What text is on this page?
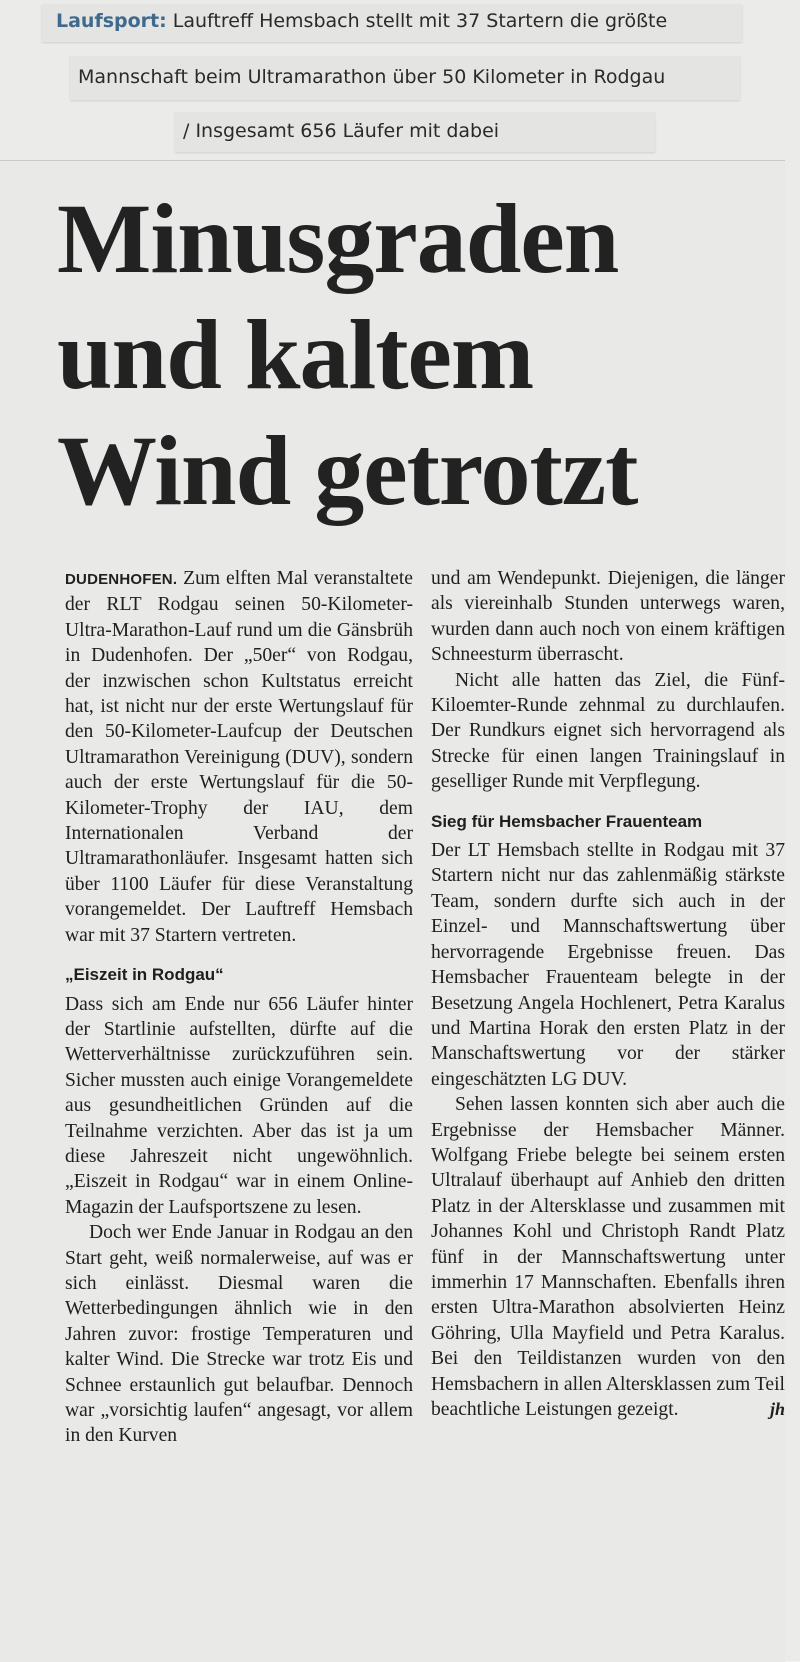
Laufsport: Lauftreff Hemsbach stellt mit 37 Startern die größte
Mannschaft beim Ultramarathon über 50 Kilometer in Rodgau
/ Insgesamt 656 Läufer mit dabei
Minusgraden
und kaltem
Wind getrotzt

DUDENHOFEN. Zum elften Mal veranstaltete der RLT Rodgau seinen 50-Kilometer-Ultra-Marathon-Lauf rund um die Gänsbrüh in Dudenhofen. Der „50er“ von Rodgau, der inzwischen schon Kultstatus erreicht hat, ist nicht nur der erste Wertungslauf für den 50-Kilometer-Laufcup der Deutschen Ultramarathon Vereinigung (DUV), sondern auch der erste Wertungslauf für die 50-Kilometer-Trophy der IAU, dem Internationalen Verband der Ultramarathonläufer. Insgesamt hatten sich über 1100 Läufer für diese Veranstaltung vorangemeldet. Der Lauftreff Hemsbach war mit 37 Startern vertreten.

„Eiszeit in Rodgau“

Dass sich am Ende nur 656 Läufer hinter der Startlinie aufstellten, dürfte auf die Wetterverhältnisse zurückzuführen sein. Sicher mussten auch einige Vorangemeldete aus gesundheitlichen Gründen auf die Teilnahme verzichten. Aber das ist ja um diese Jahreszeit nicht ungewöhnlich. „Eiszeit in Rodgau“ war in einem Online-Magazin der Laufsportszene zu lesen.

Doch wer Ende Januar in Rodgau an den Start geht, weiß normalerweise, auf was er sich einlässt. Diesmal waren die Wetterbedingungen ähnlich wie in den Jahren zuvor: frostige Temperaturen und kalter Wind. Die Strecke war trotz Eis und Schnee erstaunlich gut belaufbar. Dennoch war „vorsichtig laufen“ angesagt, vor allem in den Kurven

und am Wendepunkt. Diejenigen, die länger als viereinhalb Stunden unterwegs waren, wurden dann auch noch von einem kräftigen Schneesturm überrascht.

Nicht alle hatten das Ziel, die Fünf-Kiloemter-Runde zehnmal zu durchlaufen. Der Rundkurs eignet sich hervorragend als Strecke für einen langen Trainingslauf in geselliger Runde mit Verpflegung.

Sieg für Hemsbacher Frauenteam

Der LT Hemsbach stellte in Rodgau mit 37 Startern nicht nur das zahlenmäßig stärkste Team, sondern durfte sich auch in der Einzel- und Mannschaftswertung über hervorragende Ergebnisse freuen. Das Hemsbacher Frauenteam belegte in der Besetzung Angela Hochlenert, Petra Karalus und Martina Horak den ersten Platz in der Manschaftswertung vor der stärker eingeschätzten LG DUV.

Sehen lassen konnten sich aber auch die Ergebnisse der Hemsbacher Männer. Wolfgang Friebe belegte bei seinem ersten Ultralauf überhaupt auf Anhieb den dritten Platz in der Altersklasse und zusammen mit Johannes Kohl und Christoph Randt Platz fünf in der Mannschaftswertung unter immerhin 17 Mannschaften. Ebenfalls ihren ersten Ultra-Marathon absolvierten Heinz Göhring, Ulla Mayfield und Petra Karalus. Bei den Teildistanzen wurden von den Hemsbachern in allen Altersklassen zum Teil beachtliche Leistungen gezeigt.	jh
